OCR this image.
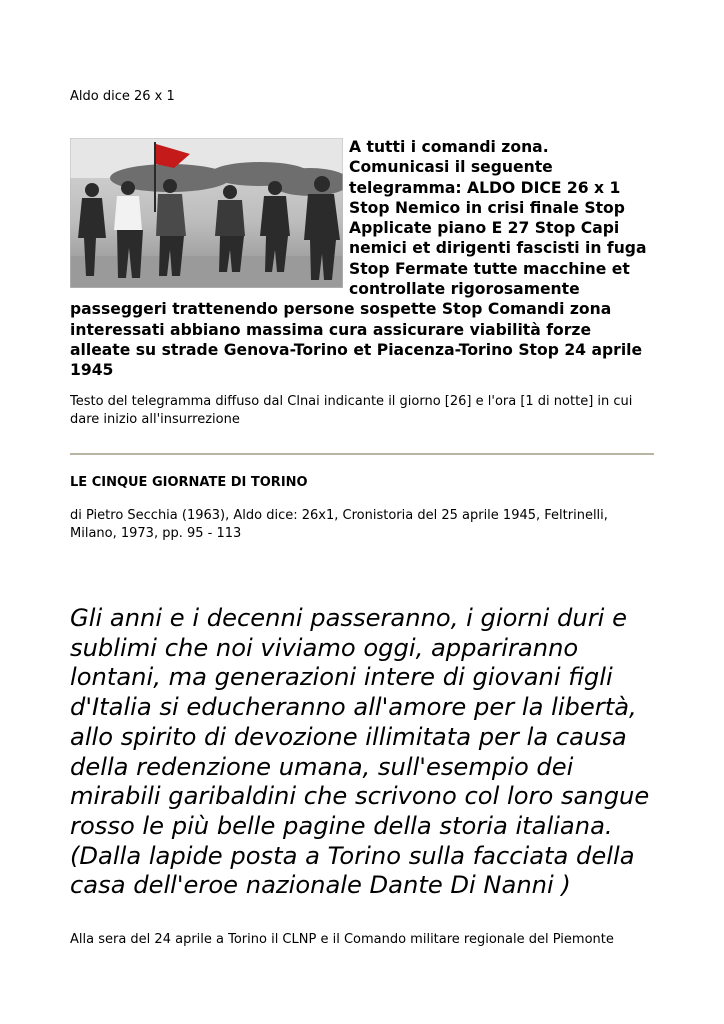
Aldo dice 26 x 1

A tutti i comandi zona. Comunicasi il seguente telegramma: ALDO DICE 26 x 1 Stop Nemico in crisi finale Stop Applicate piano E 27 Stop Capi nemici et dirigenti fascisti in fuga Stop Fermate tutte macchine et controllate rigorosamente passeggeri trattenendo persone sospette Stop Comandi zona interessati abbiano massima cura assicurare viabilità forze alleate su strade Genova-Torino et Piacenza-Torino Stop 24 aprile 1945

Testo del telegramma diffuso dal Clnai indicante il giorno [26] e l'ora [1 di notte] in cui dare inizio all'insurrezione

LE CINQUE GIORNATE DI TORINO

di Pietro Secchia (1963), Aldo dice: 26x1, Cronistoria del 25 aprile 1945, Feltrinelli, Milano, 1973, pp. 95 - 113

Gli anni e i decenni passeranno, i giorni duri e sublimi che noi viviamo oggi, appariranno lontani, ma generazioni intere di giovani figli d'Italia si educheranno all'amore per la libertà, allo spirito di devozione illimitata per la causa della redenzione umana, sull'esempio dei mirabili garibaldini che scrivono col loro sangue rosso le più belle pagine della storia italiana. (Dalla lapide posta a Torino sulla facciata della casa dell'eroe nazionale Dante Di Nanni )

Alla sera del 24 aprile a Torino il CLNP e il Comando militare regionale del Piemonte
